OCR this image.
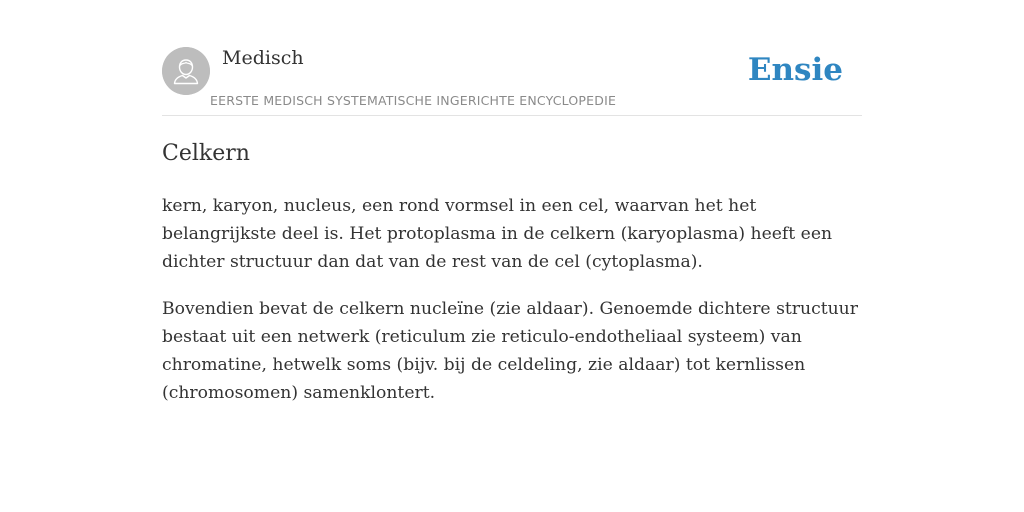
Medisch
EERSTE MEDISCH SYSTEMATISCHE INGERICHTE ENCYCLOPEDIE
Ensie
Celkern

kern, karyon, nucleus, een rond vormsel in een cel, waarvan het het belangrijkste deel is. Het protoplasma in de celkern (karyoplasma) heeft een dichter structuur dan dat van de rest van de cel (cytoplasma).

Bovendien bevat de celkern nucleïne (zie aldaar). Genoemde dichtere structuur bestaat uit een netwerk (reticulum zie reticulo-endotheliaal systeem) van chromatine, hetwelk soms (bijv. bij de celdeling, zie aldaar) tot kernlissen (chromosomen) samenklontert.
